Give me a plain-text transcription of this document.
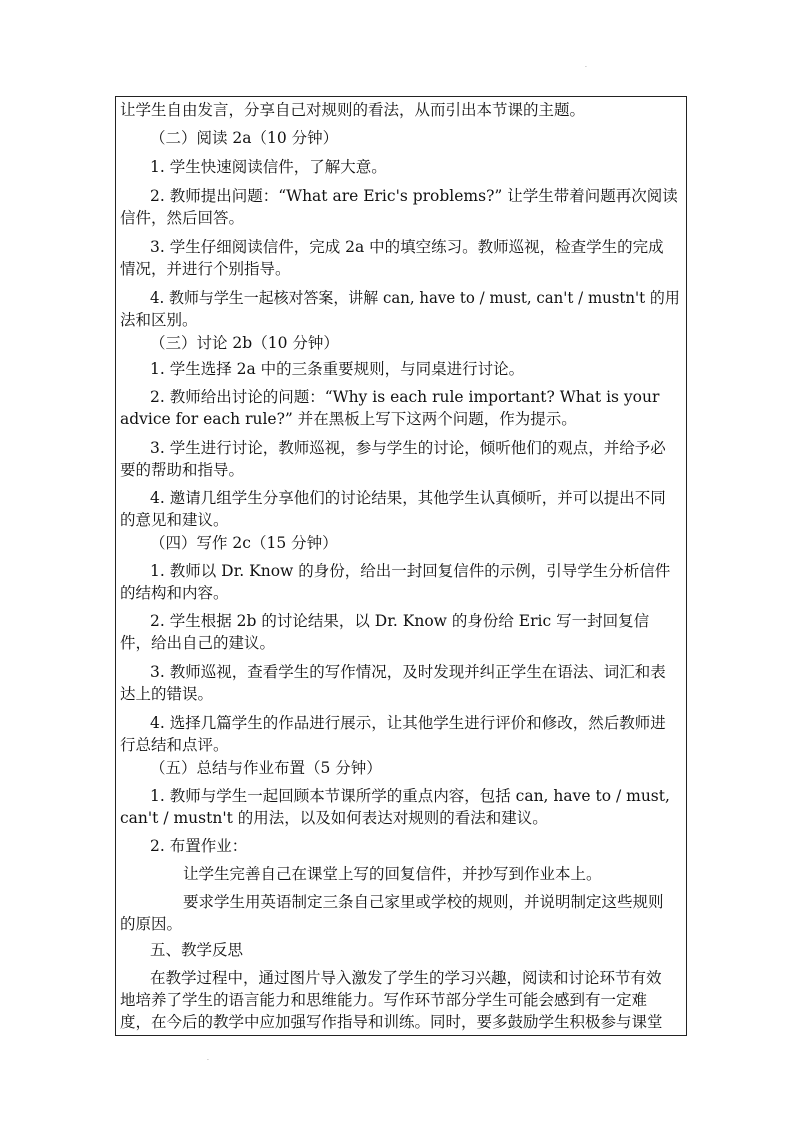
.
让学生自由发言，分享自己对规则的看法，从而引出本节课的主题。
（二）阅读 2a（10 分钟）
1. 学生快速阅读信件，了解大意。
2. 教师提出问题：“What are Eric's problems?” 让学生带着问题再次阅读
信件，然后回答。
3. 学生仔细阅读信件，完成 2a 中的填空练习。教师巡视，检查学生的完成
情况，并进行个别指导。
4. 教师与学生一起核对答案，讲解 can, have to / must, can't / mustn't 的用
法和区别。
（三）讨论 2b（10 分钟）
1. 学生选择 2a 中的三条重要规则，与同桌进行讨论。
2. 教师给出讨论的问题：“Why is each rule important? What is your
advice for each rule?” 并在黑板上写下这两个问题，作为提示。
3. 学生进行讨论，教师巡视，参与学生的讨论，倾听他们的观点，并给予必
要的帮助和指导。
4. 邀请几组学生分享他们的讨论结果，其他学生认真倾听，并可以提出不同
的意见和建议。
（四）写作 2c（15 分钟）
1. 教师以 Dr. Know 的身份，给出一封回复信件的示例，引导学生分析信件
的结构和内容。
2. 学生根据 2b 的讨论结果，以 Dr. Know 的身份给 Eric 写一封回复信
件，给出自己的建议。
3. 教师巡视，查看学生的写作情况，及时发现并纠正学生在语法、词汇和表
达上的错误。
4. 选择几篇学生的作品进行展示，让其他学生进行评价和修改，然后教师进
行总结和点评。
（五）总结与作业布置（5 分钟）
1. 教师与学生一起回顾本节课所学的重点内容，包括 can, have to / must,
can't / mustn't 的用法，以及如何表达对规则的看法和建议。
2. 布置作业：
让学生完善自己在课堂上写的回复信件，并抄写到作业本上。
要求学生用英语制定三条自己家里或学校的规则，并说明制定这些规则
的原因。
五、教学反思
在教学过程中，通过图片导入激发了学生的学习兴趣，阅读和讨论环节有效
地培养了学生的语言能力和思维能力。写作环节部分学生可能会感到有一定难
度，在今后的教学中应加强写作指导和训练。同时，要多鼓励学生积极参与课堂
.
